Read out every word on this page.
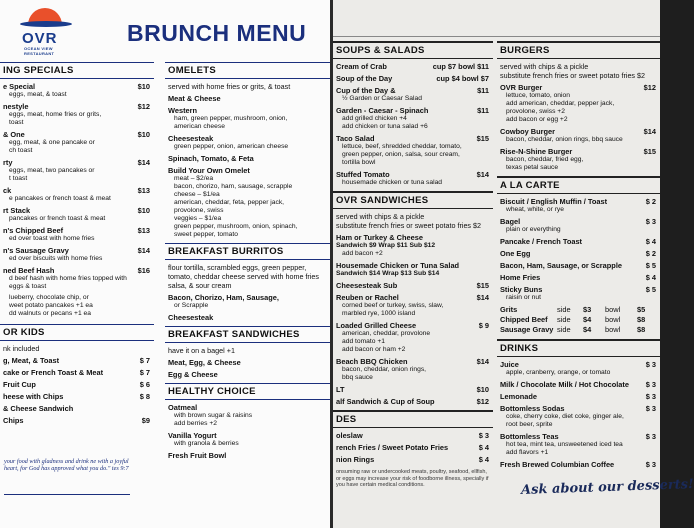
OVR
OCEAN VIEW RESTAURANT
BRUNCH MENU
ING SPECIALS
e Special
eggs, meat, & toast
$10
nestyle
eggs, meat, home fries or grits,
toast
$12
& One
egg, meat, & one pancake or
ch toast
$10
rty
eggs, meat, two pancakes or
t toast
$14
ck
e pancakes or french toast & meat
$13
rt Stack
pancakes or french toast & meat
$10
n's Chipped Beef
ed over toast with home fries
$13
n's Sausage Gravy
ed over biscuits with home fries
$14
ned Beef Hash
d beef hash with home fries topped with
eggs & toast
$16
lueberry, chocolate chip, or
weet potato pancakes +1 ea
dd walnuts or pecans +1 ea
OR KIDS
nk included
g, Meat, & Toast	$ 7
cake or French Toast & Meat	$ 7
Fruit Cup	$ 6
heese with Chips	$ 8
& Cheese Sandwich
Chips	$9
your food with gladness and drink ne with a joyful heart, for God has approved what you do." tes 9:7
OMELETS
served with home fries or grits, & toast
Meat & Cheese
Western
ham, green pepper, mushroom, onion,
american cheese
Cheesesteak
green pepper, onion, american cheese
Spinach, Tomato, & Feta
Build Your Own Omelet
meat – $2/ea
bacon, chorizo, ham, sausage, scrapple
cheese – $1/ea
american, cheddar, feta, pepper jack,
provolone, swiss
veggies – $1/ea
green pepper, mushroom, onion, spinach,
sweet pepper, tomato
BREAKFAST BURRITOS
flour tortilla, scrambled eggs, green pepper,
tomato, cheddar cheese served with home fries
salsa, & sour cream
Bacon, Chorizo, Ham, Sausage,
or Scrapple
Cheesesteak
BREAKFAST SANDWICHES
have it on a bagel +1
Meat, Egg, & Cheese
Egg & Cheese
HEALTHY CHOICE
Oatmeal
with brown sugar & raisins
add berries +2
Vanilla Yogurt
with granola & berries
Fresh Fruit Bowl
SOUPS & SALADS
Cream of Crab	cup $7 bowl $11
Soup of the Day	cup $4 bowl $7
Cup of the Day &
½ Garden or Caesar Salad
$11
Garden - Caesar - Spinach
add grilled chicken +4
add chicken or tuna salad +6
$11
Taco Salad
lettuce, beef, shredded cheddar, tomato,
green pepper, onion, salsa, sour cream,
tortilla bowl
$15
Stuffed Tomato
housemade chicken or tuna salad
$14
OVR SANDWICHES
served with chips & a pickle
substitute french fries or sweet potato fries $2
Ham or Turkey & Cheese
Sandwich $9 Wrap $11 Sub $12
add bacon +2
Housemade Chicken or Tuna Salad
Sandwich $14 Wrap $13 Sub $14
Cheesesteak Sub	$15
Reuben or Rachel
corned beef or turkey, swiss, slaw,
marbled rye, 1000 island
$14
Loaded Grilled Cheese
american, cheddar, provolone
add tomato +1
add bacon or ham +2
$ 9
Beach BBQ Chicken
bacon, cheddar, onion rings,
bbq sauce
$14
LT	$10
alf Sandwich & Cup of Soup	$12
DES
oleslaw	$ 3
rench Fries / Sweet Potato Fries	$ 4
nion Rings	$ 4
onsuming raw or undercooked meats, poultry, seafood, ellfish, or eggs may increase your risk of foodborne illness, specially if you have certain medical conditions.
BURGERS
served with chips & a pickle
substitute french fries or sweet potato fries $2
OVR Burger
lettuce, tomato, onion
add american, cheddar, pepper jack,
provolone, swiss +2
add bacon or egg +2
$12
Cowboy Burger
bacon, cheddar, onion rings, bbq sauce
$14
Rise-N-Shine Burger
bacon, cheddar, fried egg,
texas petal sauce
$15
A LA CARTE
Biscuit / English Muffin / Toast
wheat, white, or rye
$ 2
Bagel
plain or everything
$ 3
Pancake / French Toast	$ 4
One Egg	$ 2
Bacon, Ham, Sausage, or Scrapple	$ 5
Home Fries	$ 4
Sticky Buns
raisin or nut
$ 5
Grits	side $3 bowl $5
Chipped Beef side $4 bowl $8
Sausage Gravy side $4 bowl $8
DRINKS
Juice
apple, cranberry, orange, or tomato
$ 3
Milk / Chocolate Milk / Hot Chocolate	$ 3
Lemonade	$ 3
Bottomless Sodas
coke, cherry coke, diet coke, ginger ale,
root beer, sprite
$ 3
Bottomless Teas
hot tea, mint tea, unsweetened iced tea
add flavors +1
$ 3
Fresh Brewed Columbian Coffee	$ 3
Ask about our desserts!
